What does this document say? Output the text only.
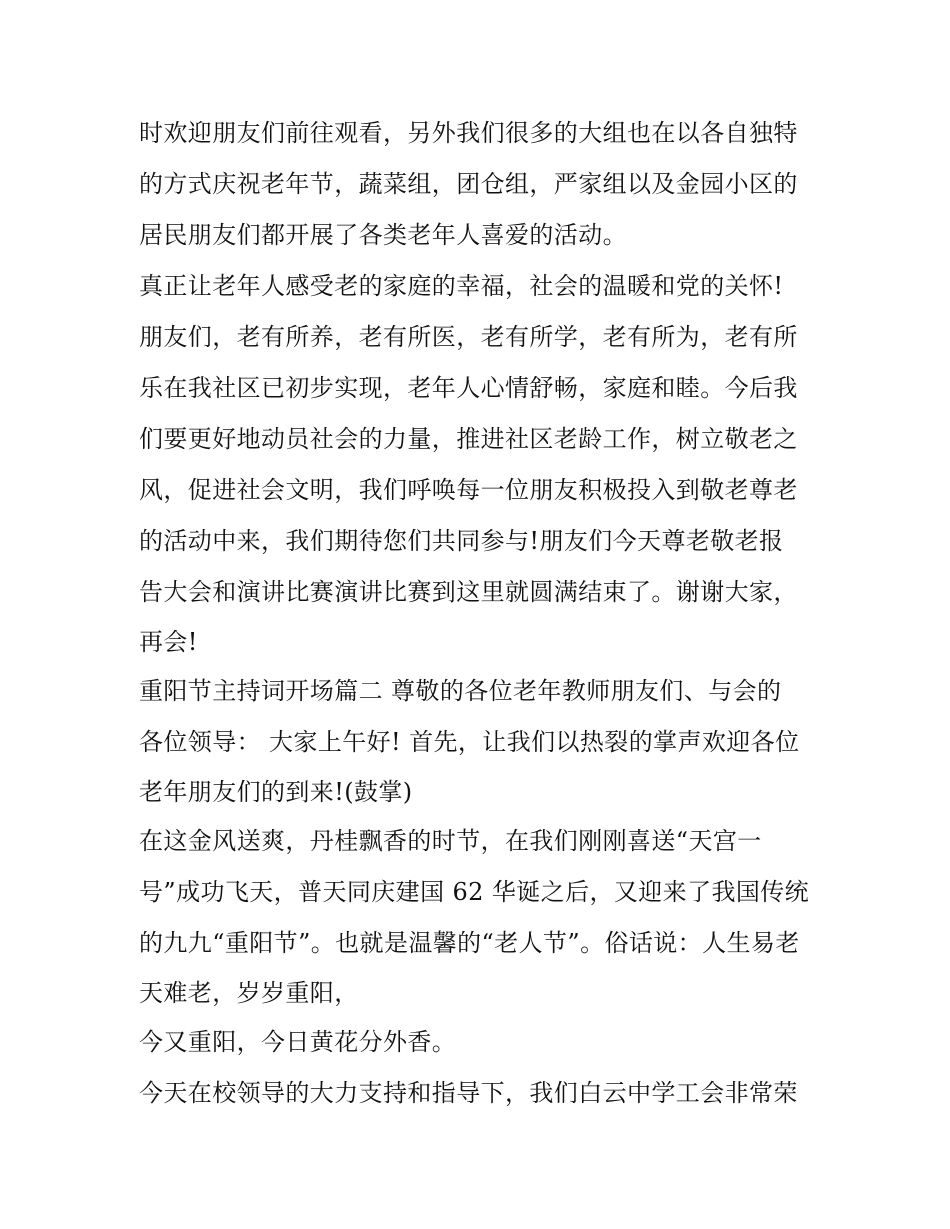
时欢迎朋友们前往观看，另外我们很多的大组也在以各自独特
的方式庆祝老年节，蔬菜组，团仓组，严家组以及金园小区的
居民朋友们都开展了各类老年人喜爱的活动。
真正让老年人感受老的家庭的幸福，社会的温暖和党的关怀!
朋友们，老有所养，老有所医，老有所学，老有所为，老有所
乐在我社区已初步实现，老年人心情舒畅，家庭和睦。今后我
们要更好地动员社会的力量，推进社区老龄工作，树立敬老之
风，促进社会文明，我们呼唤每一位朋友积极投入到敬老尊老
的活动中来，我们期待您们共同参与!朋友们今天尊老敬老报
告大会和演讲比赛演讲比赛到这里就圆满结束了。谢谢大家，
再会!
重阳节主持词开场篇二 尊敬的各位老年教师朋友们、与会的
各位领导： 大家上午好! 首先，让我们以热裂的掌声欢迎各位
老年朋友们的到来!(鼓掌)
在这金风送爽，丹桂飘香的时节，在我们刚刚喜送“天宫一
号”成功飞天，普天同庆建国 62 华诞之后，又迎来了我国传统
的九九“重阳节”。也就是温馨的“老人节”。俗话说：人生易老
天难老，岁岁重阳，
今又重阳，今日黄花分外香。
今天在校领导的大力支持和指导下，我们白云中学工会非常荣
